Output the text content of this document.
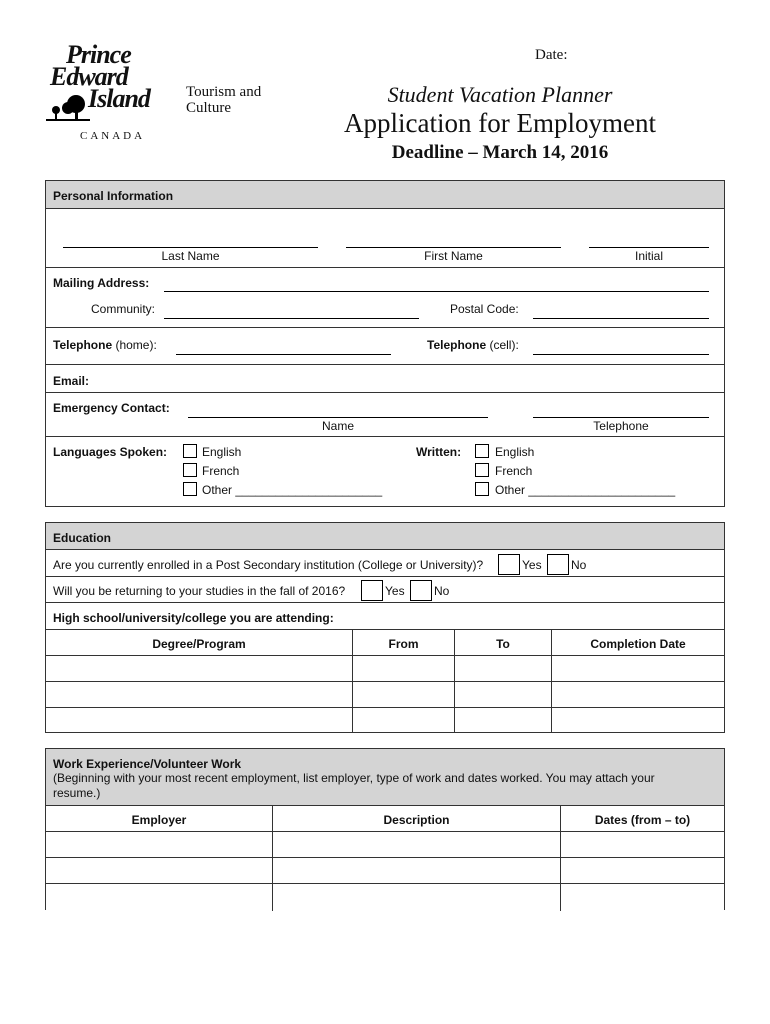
Prince
Edward
Island
CANADA
Tourism and
Culture
Date:
Student Vacation Planner
Application for Employment
Deadline – March 14, 2016
Personal Information
Last Name	First Name	Initial
Mailing Address:
Community:	Postal Code:
Telephone (home):	Telephone (cell):
Email:
Emergency Contact:
Name	Telephone
Languages Spoken:	English
French
Other ______________________
Written:	English
French
Other ______________________
Education
Are you currently enrolled in a Post Secondary institution (College or University)?	Yes No
Will you be returning to your studies in the fall of 2016?	Yes No
High school/university/college you are attending:
Degree/Program	From	To	Completion Date
Work Experience/Volunteer Work
(Beginning with your most recent employment, list employer, type of work and dates worked. You may attach your resume.)
Employer	Description	Dates (from – to)
